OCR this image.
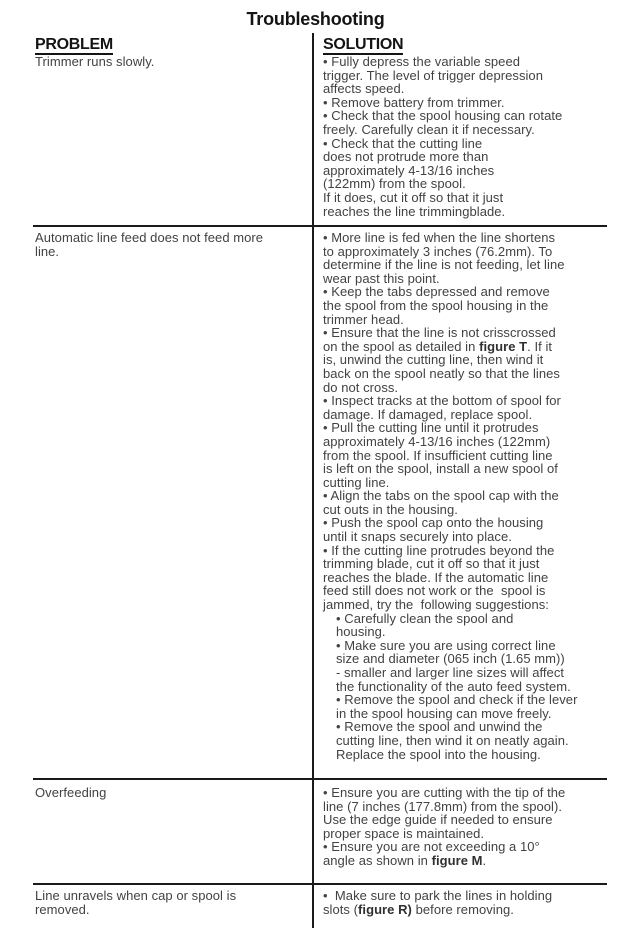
Troubleshooting
PROBLEM
Trimmer runs slowly.
SOLUTION
• Fully depress the variable speed
trigger. The level of trigger depression
affects speed.
• Remove battery from trimmer.
• Check that the spool housing can rotate
freely. Carefully clean it if necessary.
• Check that the cutting line
does not protrude more than
approximately 4-13/16 inches
(122mm) from the spool.
If it does, cut it off so that it just
reaches the line trimmingblade.
Automatic line feed does not feed more
line.
• More line is fed when the line shortens
to approximately 3 inches (76.2mm). To
determine if the line is not feeding, let line
wear past this point.
• Keep the tabs depressed and remove
the spool from the spool housing in the
trimmer head.
• Ensure that the line is not crisscrossed
on the spool as detailed in figure T. If it
is, unwind the cutting line, then wind it
back on the spool neatly so that the lines
do not cross.
• Inspect tracks at the bottom of spool for
damage. If damaged, replace spool.
• Pull the cutting line until it protrudes
approximately 4-13/16 inches (122mm)
from the spool. If insufficient cutting line
is left on the spool, install a new spool of
cutting line.
• Align the tabs on the spool cap with the
cut outs in the housing.
• Push the spool cap onto the housing
until it snaps securely into place.
• If the cutting line protrudes beyond the
trimming blade, cut it off so that it just
reaches the blade. If the automatic line
feed still does not work or the  spool is
jammed, try the  following suggestions:
• Carefully clean the spool and
housing.
• Make sure you are using correct line
size and diameter (065 inch (1.65 mm))
- smaller and larger line sizes will affect
the functionality of the auto feed system.
• Remove the spool and check if the lever
in the spool housing can move freely.
• Remove the spool and unwind the
cutting line, then wind it on neatly again.
Replace the spool into the housing.
Overfeeding	• Ensure you are cutting with the tip of the
line (7 inches (177.8mm) from the spool).
Use the edge guide if needed to ensure
proper space is maintained.
• Ensure you are not exceeding a 10°
angle as shown in figure M.
Line unravels when cap or spool is
removed.
•  Make sure to park the lines in holding
slots (figure R) before removing.
